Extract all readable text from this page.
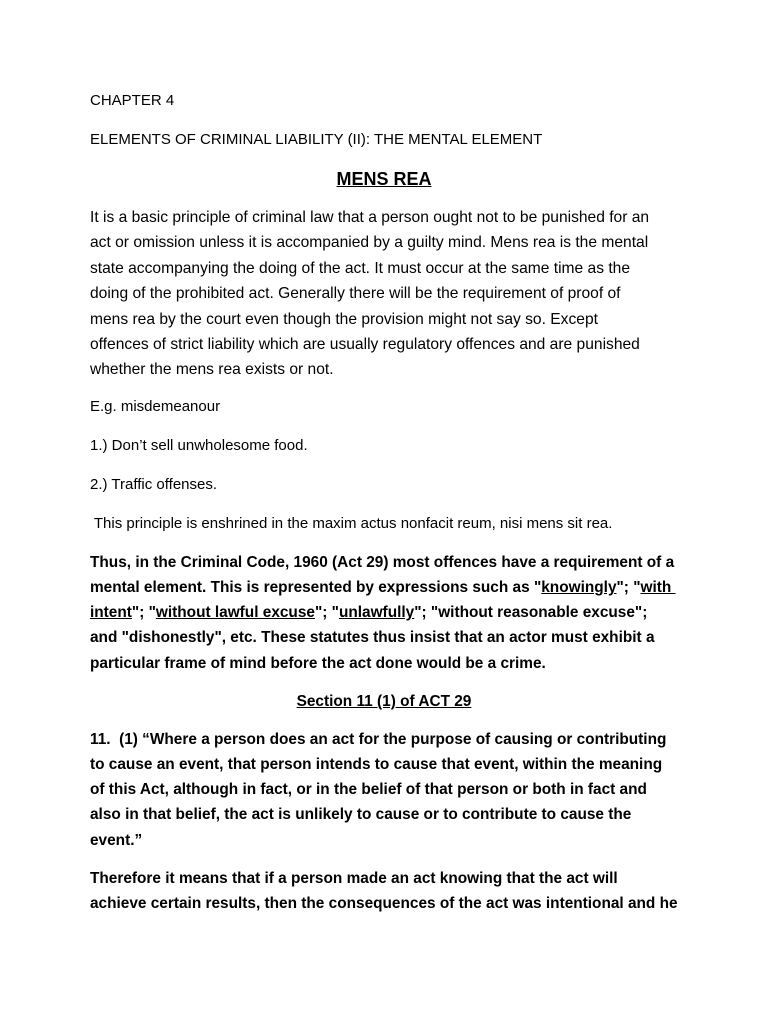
CHAPTER 4

ELEMENTS OF CRIMINAL LIABILITY (II): THE MENTAL ELEMENT

MENS REA

It is a basic principle of criminal law that a person ought not to be punished for an
act or omission unless it is accompanied by a guilty mind. Mens rea is the mental
state accompanying the doing of the act. It must occur at the same time as the
doing of the prohibited act. Generally there will be the requirement of proof of
mens rea by the court even though the provision might not say so. Except
offences of strict liability which are usually regulatory offences and are punished
whether the mens rea exists or not.

E.g. misdemeanour

1.) Don’t sell unwholesome food.

2.) Traffic offenses.

This principle is enshrined in the maxim actus nonfacit reum, nisi mens sit rea.

Thus, in the Criminal Code, 1960 (Act 29) most offences have a requirement of a
mental element. This is represented by expressions such as "knowingly"; "with
intent"; "without lawful excuse"; "unlawfully"; "without reasonable excuse";
and "dishonestly", etc. These statutes thus insist that an actor must exhibit a
particular frame of mind before the act done would be a crime.

Section 11 (1) of ACT 29

11.  (1) “Where a person does an act for the purpose of causing or contributing
to cause an event, that person intends to cause that event, within the meaning
of this Act, although in fact, or in the belief of that person or both in fact and
also in that belief, the act is unlikely to cause or to contribute to cause the
event.”
Therefore it means that if a person made an act knowing that the act will
achieve certain results, then the consequences of the act was intentional and he
